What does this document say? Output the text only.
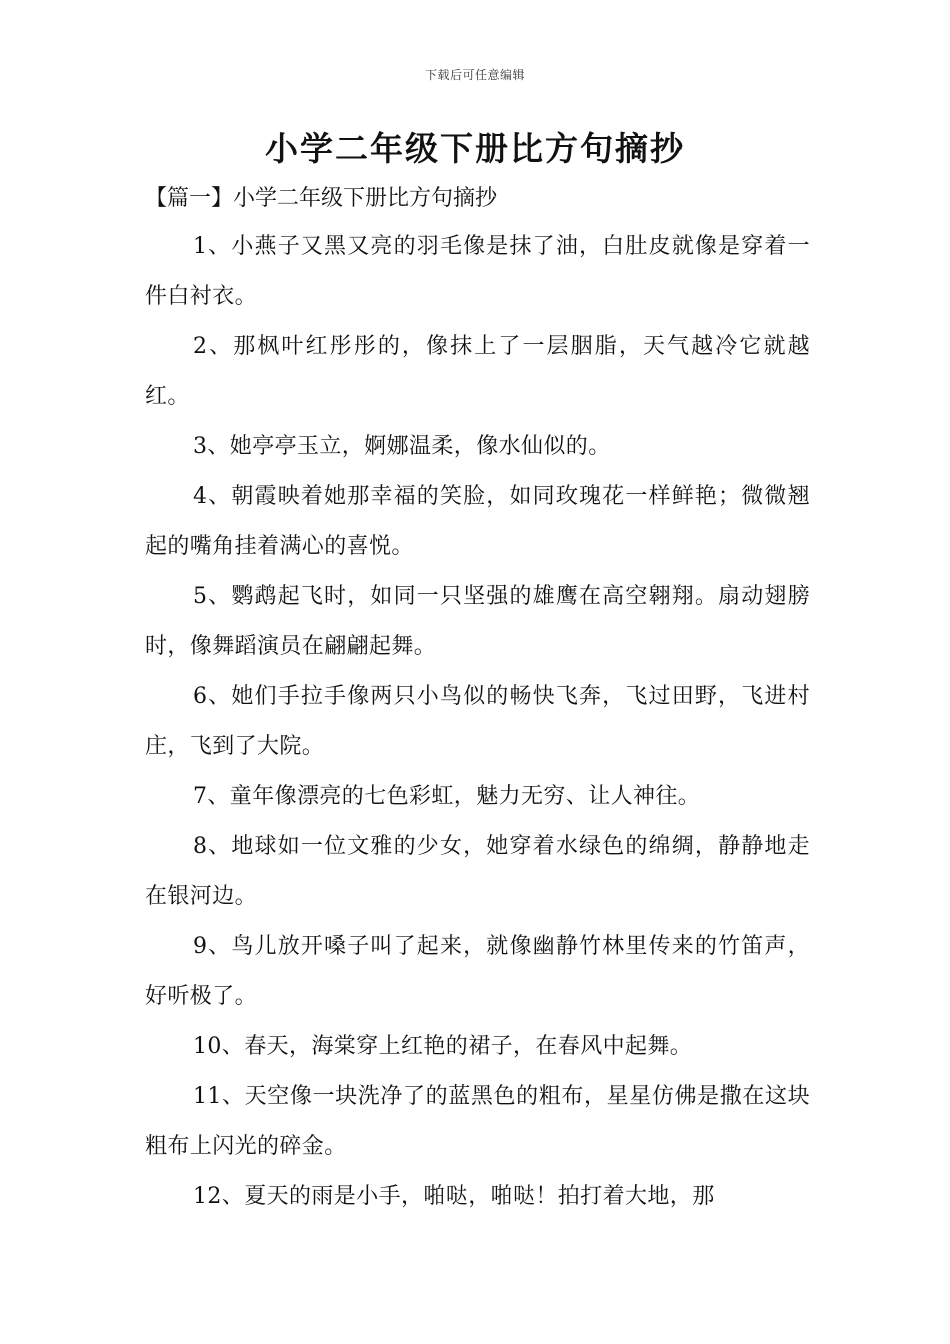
下载后可任意编辑
小学二年级下册比方句摘抄
【篇一】小学二年级下册比方句摘抄

1、小燕子又黑又亮的羽毛像是抹了油，白肚皮就像是穿着一件白衬衣。

2、那枫叶红彤彤的，像抹上了一层胭脂，天气越冷它就越红。

3、她亭亭玉立，婀娜温柔，像水仙似的。

4、朝霞映着她那幸福的笑脸，如同玫瑰花一样鲜艳；微微翘起的嘴角挂着满心的喜悦。

5、鹦鹉起飞时，如同一只坚强的雄鹰在高空翱翔。扇动翅膀时，像舞蹈演员在翩翩起舞。

6、她们手拉手像两只小鸟似的畅快飞奔，飞过田野，飞进村庄，飞到了大院。

7、童年像漂亮的七色彩虹，魅力无穷、让人神往。

8、地球如一位文雅的少女，她穿着水绿色的绵绸，静静地走在银河边。

9、鸟儿放开嗓子叫了起来，就像幽静竹林里传来的竹笛声，好听极了。

10、春天，海棠穿上红艳的裙子，在春风中起舞。

11、天空像一块洗净了的蓝黑色的粗布，星星仿佛是撒在这块粗布上闪光的碎金。

12、夏天的雨是小手，啪哒，啪哒！拍打着大地，那
